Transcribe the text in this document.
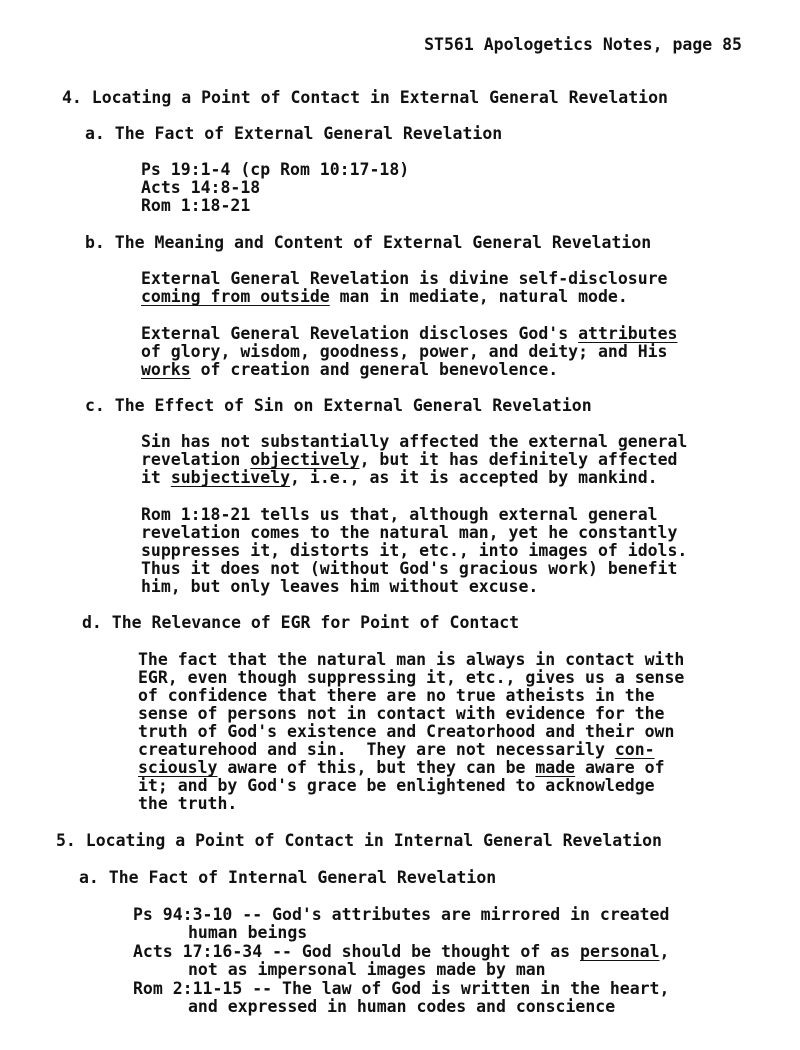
ST561 Apologetics Notes, page 85
4. Locating a Point of Contact in External General Revelation
a. The Fact of External General Revelation
Ps 19:1-4 (cp Rom 10:17-18)
Acts 14:8-18
Rom 1:18-21
b. The Meaning and Content of External General Revelation
External General Revelation is divine self-disclosure
coming from outside man in mediate, natural mode.
External General Revelation discloses God's attributes
of glory, wisdom, goodness, power, and deity; and His
works of creation and general benevolence.
c. The Effect of Sin on External General Revelation
Sin has not substantially affected the external general
revelation objectively, but it has definitely affected
it subjectively, i.e., as it is accepted by mankind.
Rom 1:18-21 tells us that, although external general
revelation comes to the natural man, yet he constantly
suppresses it, distorts it, etc., into images of idols.
Thus it does not (without God's gracious work) benefit
him, but only leaves him without excuse.
d. The Relevance of EGR for Point of Contact
The fact that the natural man is always in contact with
EGR, even though suppressing it, etc., gives us a sense
of confidence that there are no true atheists in the
sense of persons not in contact with evidence for the
truth of God's existence and Creatorhood and their own
creaturehood and sin.  They are not necessarily con-
sciously aware of this, but they can be made aware of
it; and by God's grace be enlightened to acknowledge
the truth.
5. Locating a Point of Contact in Internal General Revelation
a. The Fact of Internal General Revelation
Ps 94:3-10 -- God's attributes are mirrored in created
human beings
Acts 17:16-34 -- God should be thought of as personal,
not as impersonal images made by man
Rom 2:11-15 -- The law of God is written in the heart,
and expressed in human codes and conscience
